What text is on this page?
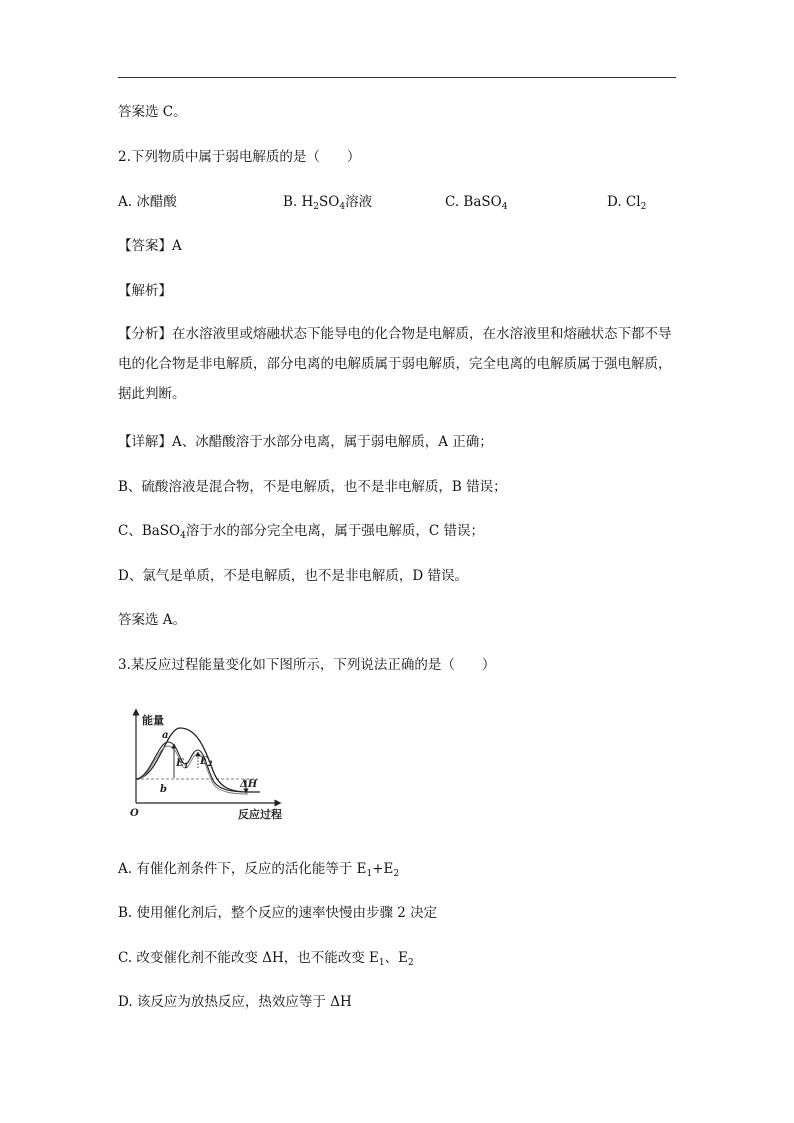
答案选 C。
2.下列物质中属于弱电解质的是（　　）
A. 冰醋酸	B. $H_2SO_4$溶液	C. BaSO$_4$	D. $Cl_2$
【答案】A
【解析】
【分析】在水溶液里或熔融状态下能导电的化合物是电解质，在水溶液里和熔融状态下都不导电的化合物是非电解质，部分电离的电解质属于弱电解质，完全电离的电解质属于强电解质，据此判断。
【详解】A、冰醋酸溶于水部分电离，属于弱电解质，A 正确；
B、硫酸溶液是混合物，不是电解质，也不是非电解质，B 错误；
C、BaSO$_4$溶于水的部分完全电离，属于强电解质，C 错误；
D、氯气是单质，不是电解质，也不是非电解质，D 错误。
答案选 A。
3.某反应过程能量变化如下图所示，下列说法正确的是（　　）
能量
反应过程
O
a
b
$E_1$ $E_2$
ΔH
A. 有催化剂条件下，反应的活化能等于 $E_1+E_2$
B. 使用催化剂后，整个反应的速率快慢由步骤 2 决定
C. 改变催化剂不能改变 ΔH，也不能改变 $E_1$、$E_2$
D. 该反应为放热反应，热效应等于 ΔH
